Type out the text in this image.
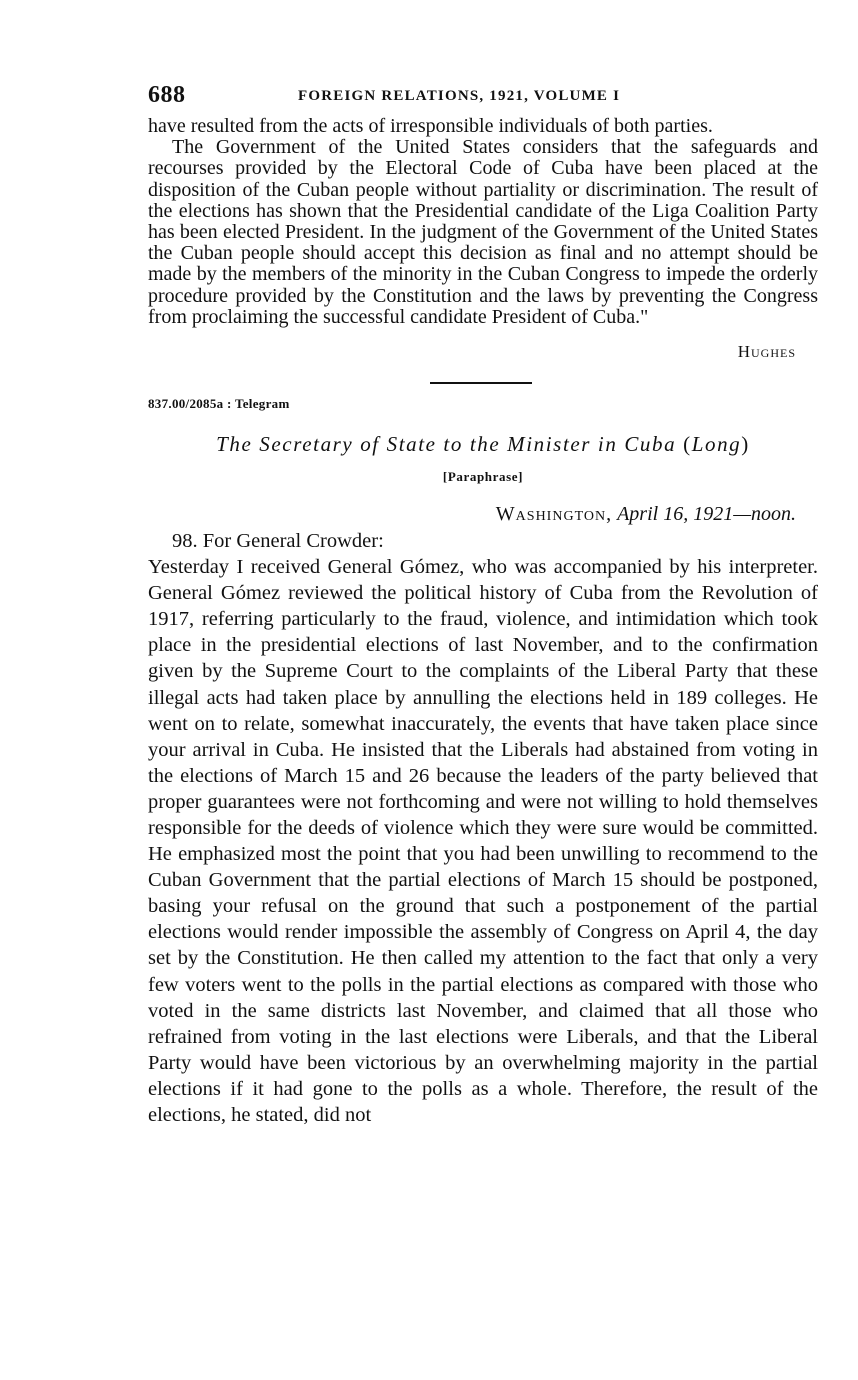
688	FOREIGN RELATIONS, 1921, VOLUME I

have resulted from the acts of irresponsible individuals of both parties.

The Government of the United States considers that the safeguards and recourses provided by the Electoral Code of Cuba have been placed at the disposition of the Cuban people without partiality or discrimination. The result of the elections has shown that the Presidential candidate of the Liga Coalition Party has been elected President. In the judgment of the Government of the United States the Cuban people should accept this decision as final and no attempt should be made by the members of the minority in the Cuban Congress to impede the orderly procedure provided by the Constitution and the laws by preventing the Congress from proclaiming the successful candidate President of Cuba."

Hughes
837.00/2085a : Telegram
The Secretary of State to the Minister in Cuba (Long)
[Paraphrase]
Washington, April 16, 1921—noon.
98. For General Crowder:

Yesterday I received General Gómez, who was accompanied by his interpreter. General Gómez reviewed the political history of Cuba from the Revolution of 1917, referring particularly to the fraud, violence, and intimidation which took place in the presidential elections of last November, and to the confirmation given by the Supreme Court to the complaints of the Liberal Party that these illegal acts had taken place by annulling the elections held in 189 colleges. He went on to relate, somewhat inaccurately, the events that have taken place since your arrival in Cuba. He insisted that the Liberals had abstained from voting in the elections of March 15 and 26 because the leaders of the party believed that proper guarantees were not forthcoming and were not willing to hold themselves responsible for the deeds of violence which they were sure would be committed. He emphasized most the point that you had been unwilling to recommend to the Cuban Government that the partial elections of March 15 should be postponed, basing your refusal on the ground that such a postponement of the partial elections would render impossible the assembly of Congress on April 4, the day set by the Constitution. He then called my attention to the fact that only a very few voters went to the polls in the partial elections as compared with those who voted in the same districts last November, and claimed that all those who refrained from voting in the last elections were Liberals, and that the Liberal Party would have been victorious by an overwhelming majority in the partial elections if it had gone to the polls as a whole. Therefore, the result of the elections, he stated, did not
